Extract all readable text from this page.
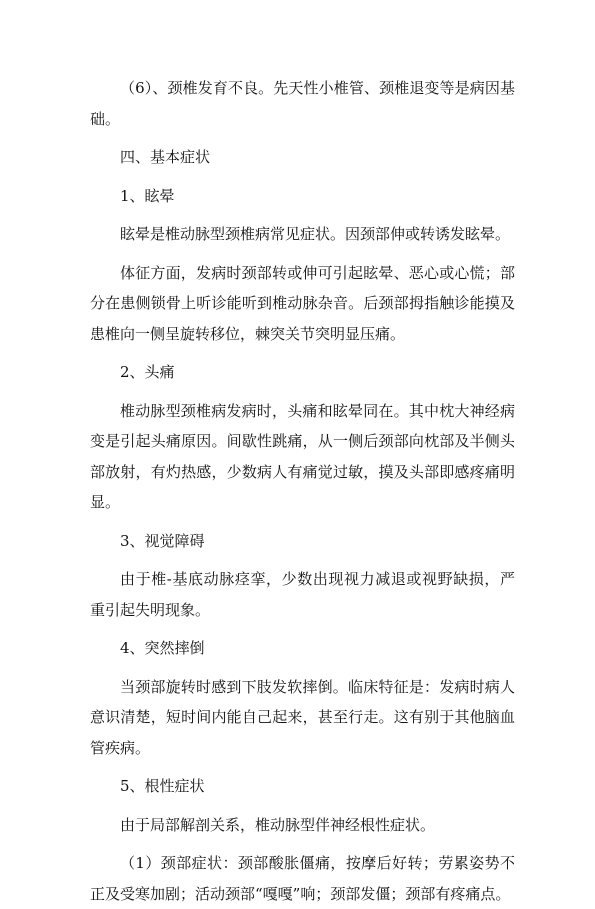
（6）、颈椎发育不良。先天性小椎管、颈椎退变等是病因基础。

四、基本症状

1、眩晕

眩晕是椎动脉型颈椎病常见症状。因颈部伸或转诱发眩晕。

体征方面，发病时颈部转或伸可引起眩晕、恶心或心慌；部分在患侧锁骨上听诊能听到椎动脉杂音。后颈部拇指触诊能摸及患椎向一侧呈旋转移位，棘突关节突明显压痛。

2、头痛

椎动脉型颈椎病发病时，头痛和眩晕同在。其中枕大神经病变是引起头痛原因。间歇性跳痛，从一侧后颈部向枕部及半侧头部放射，有灼热感，少数病人有痛觉过敏，摸及头部即感疼痛明显。

3、视觉障碍

由于椎-基底动脉痉挛，少数出现视力减退或视野缺损，严重引起失明现象。

4、突然摔倒

当颈部旋转时感到下肢发软摔倒。临床特征是：发病时病人意识清楚，短时间内能自己起来，甚至行走。这有别于其他脑血管疾病。

5、根性症状

由于局部解剖关系，椎动脉型伴神经根性症状。

（1）颈部症状：颈部酸胀僵痛，按摩后好转；劳累姿势不正及受寒加剧；活动颈部“嘎嘎”响；颈部发僵；颈部有疼痛点。
